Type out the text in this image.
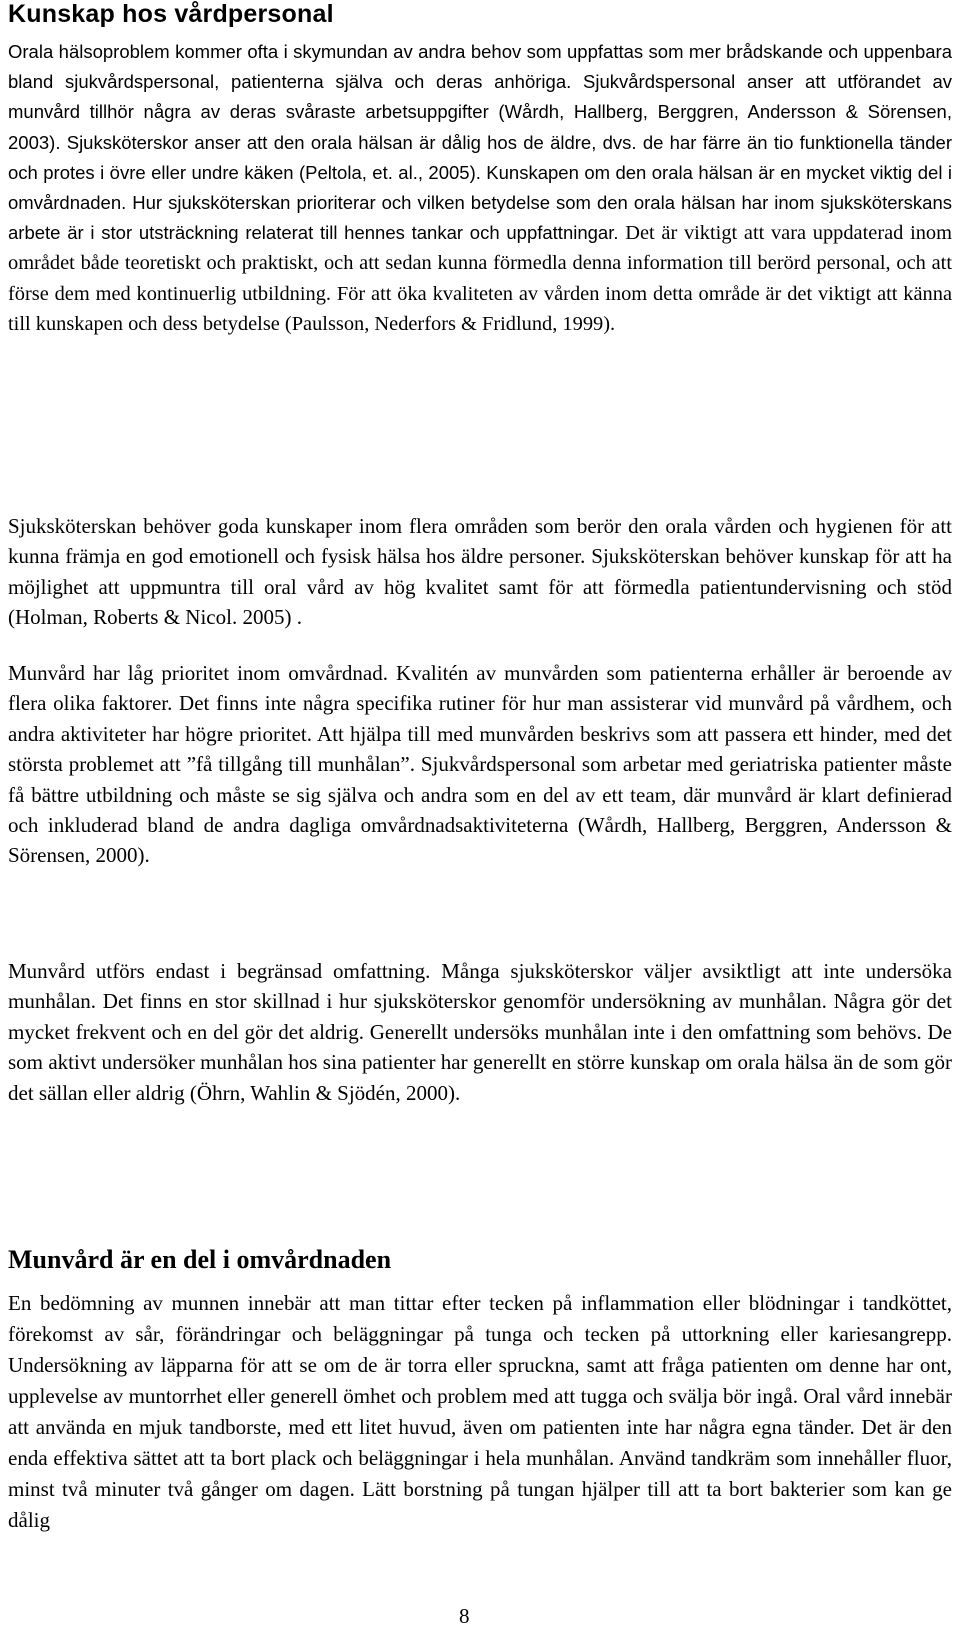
Kunskap hos vårdpersonal

Orala hälsoproblem kommer ofta i skymundan av andra behov som uppfattas som mer brådskande och uppenbara bland sjukvårdspersonal, patienterna själva och deras anhöriga. Sjukvårdspersonal anser att utförandet av munvård tillhör några av deras svåraste arbetsuppgifter (Wårdh, Hallberg, Berggren, Andersson & Sörensen, 2003). Sjuksköterskor anser att den orala hälsan är dålig hos de äldre, dvs. de har färre än tio funktionella tänder och protes i övre eller undre käken (Peltola, et. al., 2005). Kunskapen om den orala hälsan är en mycket viktig del i omvårdnaden. Hur sjuksköterskan prioriterar och vilken betydelse som den orala hälsan har inom sjuksköterskans arbete är i stor utsträckning relaterat till hennes tankar och uppfattningar. Det är viktigt att vara uppdaterad inom området både teoretiskt och praktiskt, och att sedan kunna förmedla denna information till berörd personal, och att förse dem med kontinuerlig utbildning. För att öka kvaliteten av vården inom detta område är det viktigt att känna till kunskapen och dess betydelse (Paulsson, Nederfors & Fridlund, 1999).

Sjuksköterskan behöver goda kunskaper inom flera områden som berör den orala vården och hygienen för att kunna främja en god emotionell och fysisk hälsa hos äldre personer. Sjuksköterskan behöver kunskap för att ha möjlighet att uppmuntra till oral vård av hög kvalitet samt för att förmedla patientundervisning och stöd (Holman, Roberts & Nicol. 2005) .

Munvård har låg prioritet inom omvårdnad. Kvalitén av munvården som patienterna erhåller är beroende av flera olika faktorer. Det finns inte några specifika rutiner för hur man assisterar vid munvård på vårdhem, och andra aktiviteter har högre prioritet. Att hjälpa till med munvården beskrivs som att passera ett hinder, med det största problemet att ”få tillgång till munhålan”. Sjukvårdspersonal som arbetar med geriatriska patienter måste få bättre utbildning och måste se sig själva och andra som en del av ett team, där munvård är klart definierad och inkluderad bland de andra dagliga omvårdnadsaktiviteterna (Wårdh, Hallberg, Berggren, Andersson & Sörensen, 2000).

Munvård utförs endast i begränsad omfattning. Många sjuksköterskor väljer avsiktligt att inte undersöka munhålan. Det finns en stor skillnad i hur sjuksköterskor genomför undersökning av munhålan. Några gör det mycket frekvent och en del gör det aldrig. Generellt undersöks munhålan inte i den omfattning som behövs. De som aktivt undersöker munhålan hos sina patienter har generellt en större kunskap om orala hälsa än de som gör det sällan eller aldrig (Öhrn, Wahlin & Sjödén, 2000).

Munvård är en del i omvårdnaden

En bedömning av munnen innebär att man tittar efter tecken på inflammation eller blödningar i tandköttet, förekomst av sår, förändringar och beläggningar på tunga och tecken på uttorkning eller kariesangrepp. Undersökning av läpparna för att se om de är torra eller spruckna, samt att fråga patienten om denne har ont, upplevelse av muntorrhet eller generell ömhet och problem med att tugga och svälja bör ingå. Oral vård innebär att använda en mjuk tandborste, med ett litet huvud, även om patienten inte har några egna tänder. Det är den enda effektiva sättet att ta bort plack och beläggningar i hela munhålan. Använd tandkräm som innehåller fluor, minst två minuter två gånger om dagen. Lätt borstning på tungan hjälper till att ta bort bakterier som kan ge dålig

8
